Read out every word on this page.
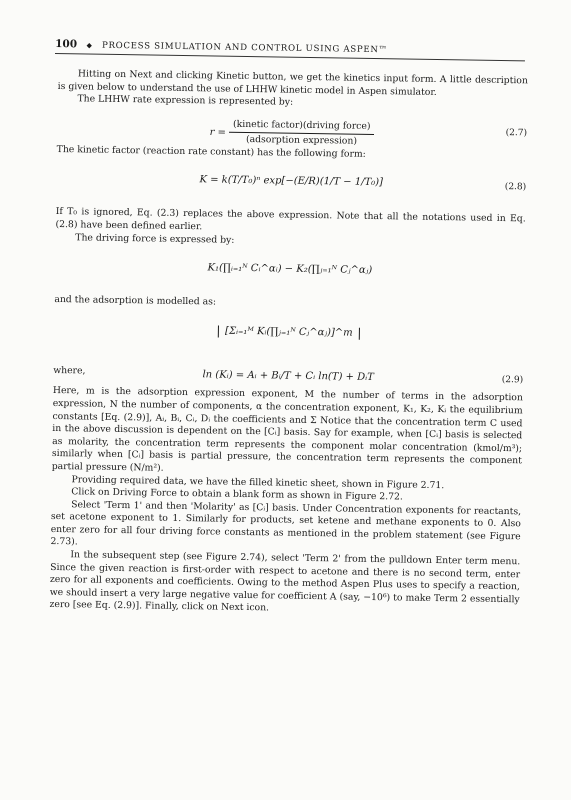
100 ◆ PROCESS SIMULATION AND CONTROL USING ASPEN™

Hitting on Next and clicking Kinetic button, we get the kinetics input form. A little description is given below to understand the use of LHHW kinetic model in Aspen simulator.

The LHHW rate expression is represented by:

$r = \frac{\text{(kinetic factor)(driving force)}}{\text{(adsorption expression)}}$	(2.7)

The kinetic factor (reaction rate constant) has the following form:

K = k(T/T₀)ⁿ exp[−(E/R)(1/T − 1/T₀)]	(2.8)

If T₀ is ignored, Eq. (2.3) replaces the above expression. Note that all the notations used in Eq. (2.8) have been defined earlier.

The driving force is expressed by:

K₁(∏ᵢ₌₁ᴺ Cᵢ^αᵢ) − K₂(∏ⱼ₌₁ᴺ Cⱼ^αⱼ)

and the adsorption is modelled as:

[Σᵢ₌₁ᴹ Kᵢ(∏ⱼ₌₁ᴺ Cⱼ^αⱼ)]^m

where,	ln (Kᵢ) = Aᵢ + Bᵢ/T + Cᵢ ln(T) + DᵢT	(2.9)

Here, m is the adsorption expression exponent, M the number of terms in the adsorption expression, N the number of components, α the concentration exponent, K₁, K₂, Kᵢ the equilibrium constants [Eq. (2.9)], Aᵢ, Bᵢ, Cᵢ, Dᵢ the coefficients and Σ Notice that the concentration term C used in the above discussion is dependent on the [Cᵢ] basis. Say for example, when [Cᵢ] basis is selected as molarity, the concentration term represents the component molar concentration (kmol/m³); similarly when [Cᵢ] basis is partial pressure, the concentration term represents the component partial pressure (N/m²).

Providing required data, we have the filled kinetic sheet, shown in Figure 2.71.

Click on Driving Force to obtain a blank form as shown in Figure 2.72.

Select 'Term 1' and then 'Molarity' as [Cᵢ] basis. Under Concentration exponents for reactants, set acetone exponent to 1. Similarly for products, set ketene and methane exponents to 0. Also enter zero for all four driving force constants as mentioned in the problem statement (see Figure 2.73).

In the subsequent step (see Figure 2.74), select 'Term 2' from the pulldown Enter term menu. Since the given reaction is first-order with respect to acetone and there is no second term, enter zero for all exponents and coefficients. Owing to the method Aspen Plus uses to specify a reaction, we should insert a very large negative value for coefficient A (say, −10⁶) to make Term 2 essentially zero [see Eq. (2.9)]. Finally, click on Next icon.
